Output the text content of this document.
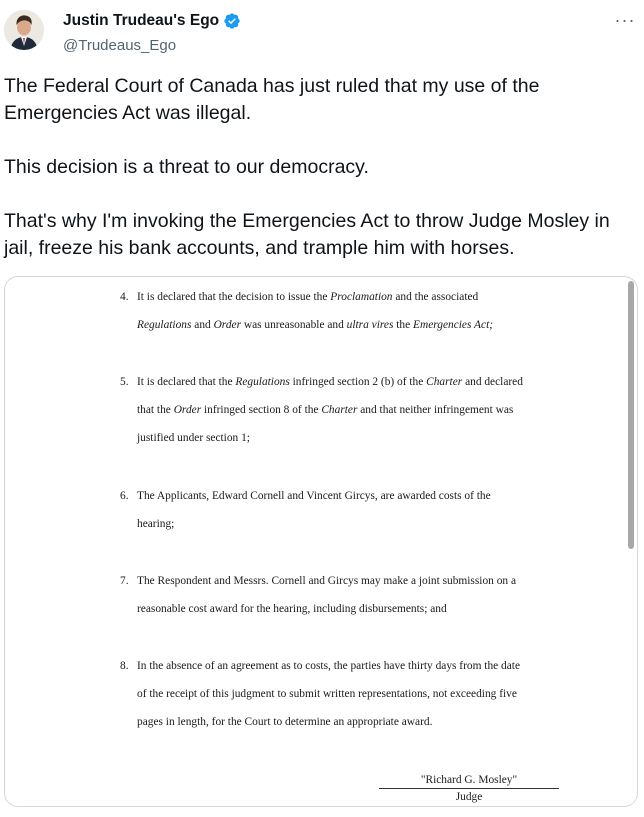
Justin Trudeau's Ego
@Trudeaus_Ego
···

The Federal Court of Canada has just ruled that my use of the Emergencies Act was illegal.

This decision is a threat to our democracy.

That's why I'm invoking the Emergencies Act to throw Judge Mosley in jail, freeze his bank accounts, and trample him with horses.

4. It is declared that the decision to issue the Proclamation and the associated
Regulations and Order was unreasonable and ultra vires the Emergencies Act;
5. It is declared that the Regulations infringed section 2 (b) of the Charter and declared
that the Order infringed section 8 of the Charter and that neither infringement was
justified under section 1;
6. The Applicants, Edward Cornell and Vincent Gircys, are awarded costs of the
hearing;
7. The Respondent and Messrs. Cornell and Gircys may make a joint submission on a
reasonable cost award for the hearing, including disbursements; and
8. In the absence of an agreement as to costs, the parties have thirty days from the date
of the receipt of this judgment to submit written representations, not exceeding five
pages in length, for the Court to determine an appropriate award.
"Richard G. Mosley"
Judge
